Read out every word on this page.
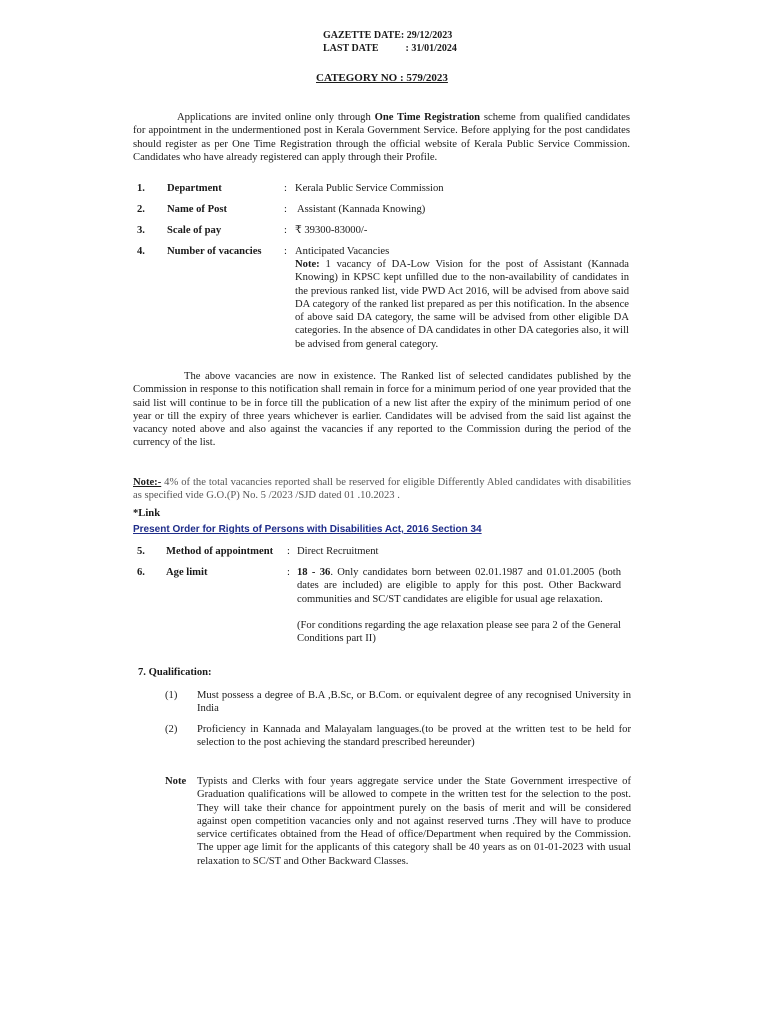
GAZETTE DATE: 29/12/2023
LAST DATE	: 31/01/2024
CATEGORY NO : 579/2023

Applications are invited online only through One Time Registration scheme from qualified candidates for appointment in the undermentioned post in Kerala Government Service. Before applying for the post candidates should register as per One Time Registration through the official website of Kerala Public Service Commission. Candidates who have already registered can apply through their Profile.

1. Department	: Kerala Public Service Commission
2. Name of Post	: Assistant (Kannada Knowing)
3. Scale of pay	: ₹ 39300-83000/-
4. Number of vacancies : Anticipated Vacancies

Note: 1 vacancy of DA-Low Vision for the post of Assistant (Kannada Knowing) in KPSC kept unfilled due to the non-availability of candidates in the previous ranked list, vide PWD Act 2016, will be advised from above said DA category of the ranked list prepared as per this notification. In the absence of above said DA category, the same will be advised from other eligible DA categories. In the absence of DA candidates in other DA categories also, it will be advised from general category.

The above vacancies are now in existence. The Ranked list of selected candidates published by the Commission in response to this notification shall remain in force for a minimum period of one year provided that the said list will continue to be in force till the publication of a new list after the expiry of the minimum period of one year or till the expiry of three years whichever is earlier. Candidates will be advised from the said list against the vacancy noted above and also against the vacancies if any reported to the Commission during the period of the currency of the list.

Note:- 4% of the total vacancies reported shall be reserved for eligible Differently Abled candidates with disabilities as specified vide G.O.(P) No. 5 /2023 /SJD dated 01 .10.2023 .

*Link
Present Order for Rights of Persons with Disabilities Act, 2016 Section 34
5. Method of appointment : Direct Recruitment
6. Age limit	: 18 - 36. Only candidates born between 02.01.1987 and 01.01.2005 (both dates are included) are eligible to apply for this post. Other Backward communities and SC/ST candidates are eligible for usual age relaxation.

(For conditions regarding the age relaxation please see para 2 of the General Conditions part II)

7. Qualification:
(1) Must possess a degree of B.A ,B.Sc, or B.Com. or equivalent degree of any recognised University in India

(2) Proficiency in Kannada and Malayalam languages.(to be proved at the written test to be held for selection to the post achieving the standard prescribed hereunder)

Note Typists and Clerks with four years aggregate service under the State Government irrespective of Graduation qualifications will be allowed to compete in the written test for the selection to the post. They will take their chance for appointment purely on the basis of merit and will be considered against open competition vacancies only and not against reserved turns .They will have to produce service certificates obtained from the Head of office/Department when required by the Commission. The upper age limit for the applicants of this category shall be 40 years as on 01-01-2023 with usual relaxation to SC/ST and Other Backward Classes.
